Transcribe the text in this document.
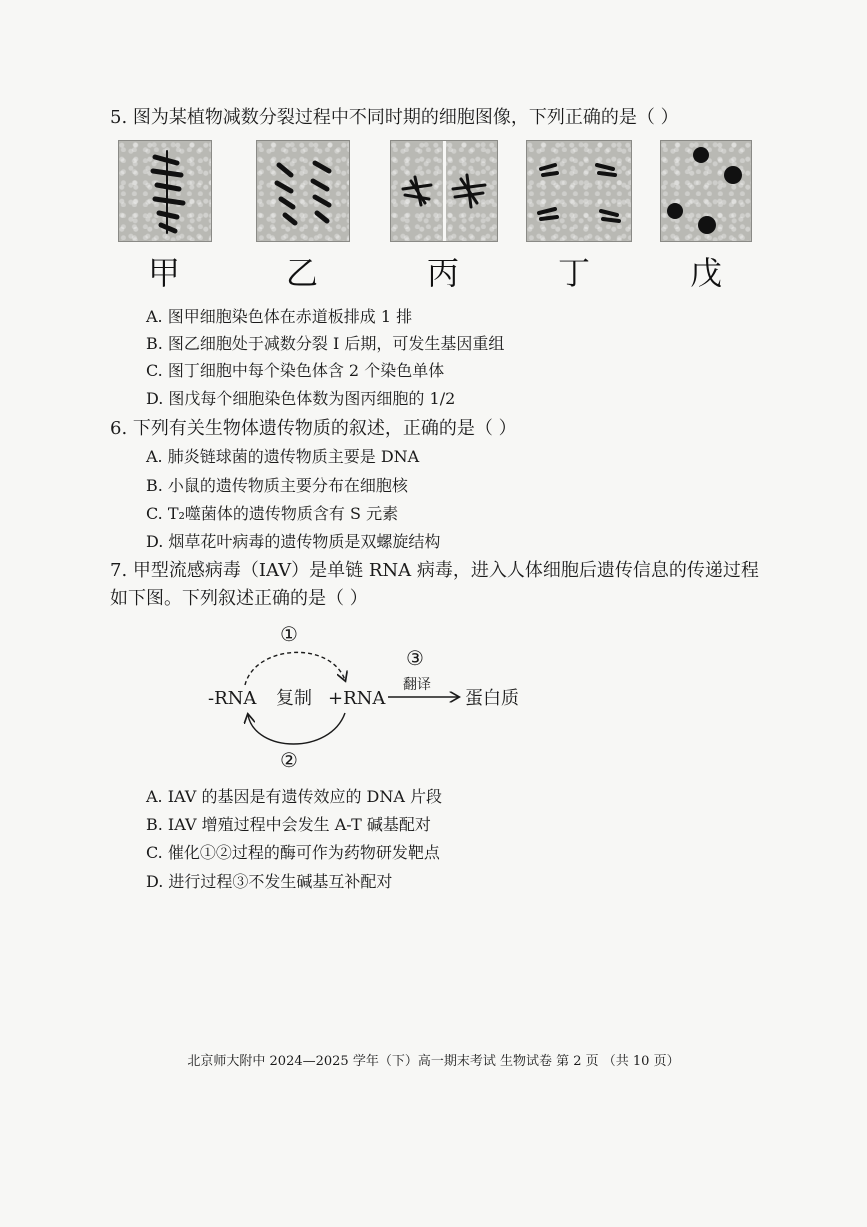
5. 图为某植物减数分裂过程中不同时期的细胞图像，下列正确的是（ ）
甲	乙	丙	丁	戊
A. 图甲细胞染色体在赤道板排成 1 排
B. 图乙细胞处于减数分裂 I 后期，可发生基因重组
C. 图丁细胞中每个染色体含 2 个染色单体
D. 图戊每个细胞染色体数为图丙细胞的 1/2
6. 下列有关生物体遗传物质的叙述，正确的是（ ）
A. 肺炎链球菌的遗传物质主要是 DNA
B. 小鼠的遗传物质主要分布在细胞核
C. T₂噬菌体的遗传物质含有 S 元素
D. 烟草花叶病毒的遗传物质是双螺旋结构
7. 甲型流感病毒（IAV）是单链 RNA 病毒，进入人体细胞后遗传信息的传递过程
如下图。下列叙述正确的是（ ）
-RNA 复制 +RNA
翻译
蛋白质
①
②
③
A. IAV 的基因是有遗传效应的 DNA 片段
B. IAV 增殖过程中会发生 A-T 碱基配对
C. 催化①②过程的酶可作为药物研发靶点
D. 进行过程③不发生碱基互补配对
北京师大附中 2024—2025 学年（下）高一期末考试 生物试卷 第 2 页 （共 10 页）
